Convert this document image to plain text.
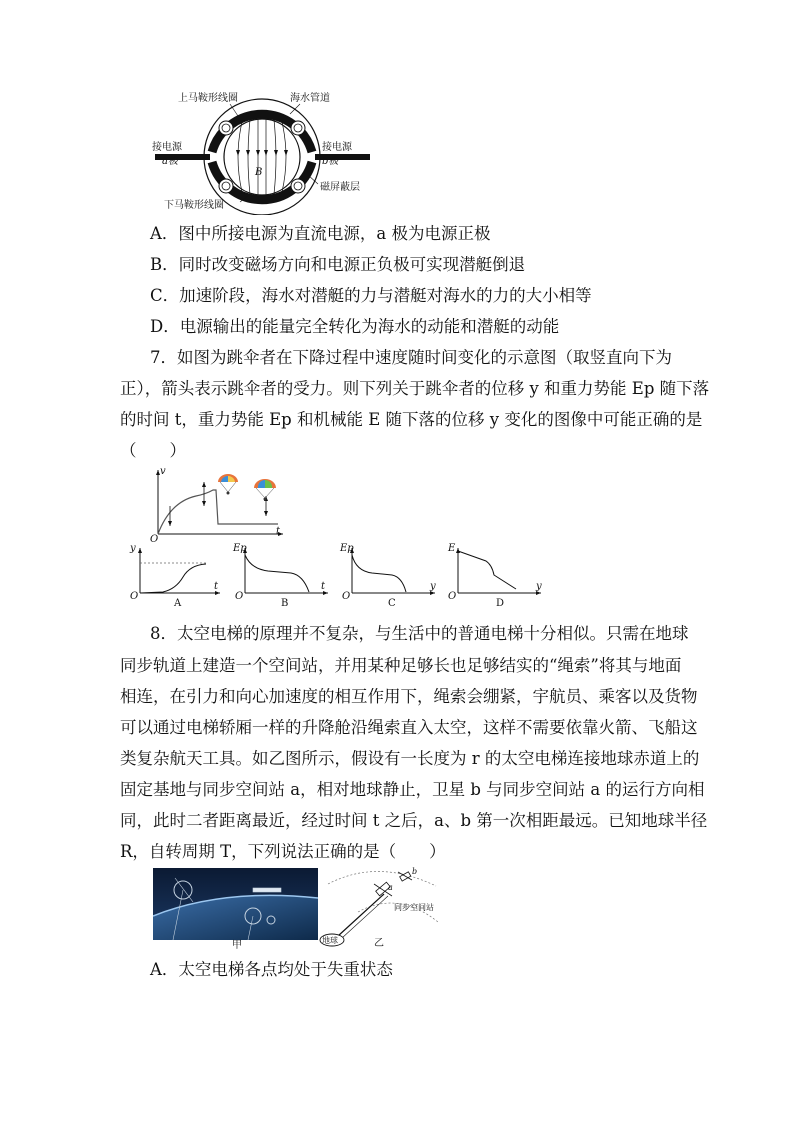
上马鞍形线圈	海水管道
接电源
a极
接电源
b极
B
磁屏蔽层
下马鞍形线圈
A．图中所接电源为直流电源，a 极为电源正极
B．同时改变磁场方向和电源正负极可实现潜艇倒退
C．加速阶段，海水对潜艇的力与潜艇对海水的力的大小相等
D．电源输出的能量完全转化为海水的动能和潜艇的动能
7．如图为跳伞者在下降过程中速度随时间变化的示意图（取竖直向下为
正），箭头表示跳伞者的受力。则下列关于跳伞者的位移 y 和重力势能 Ep 随下落
的时间 t，重力势能 Ep 和机械能 E 随下落的位移 y 变化的图像中可能正确的是
（　　）
v
t
O
y
t
O
A
Ep
t
O
B
Ep
y
O
C
E
y
O
D
8．太空电梯的原理并不复杂，与生活中的普通电梯十分相似。只需在地球
同步轨道上建造一个空间站，并用某种足够长也足够结实的“绳索”将其与地面
相连，在引力和向心加速度的相互作用下，绳索会绷紧，宇航员、乘客以及货物
可以通过电梯轿厢一样的升降舱沿绳索直入太空，这样不需要依靠火箭、飞船这
类复杂航天工具。如乙图所示，假设有一长度为 r 的太空电梯连接地球赤道上的
固定基地与同步空间站 a，相对地球静止，卫星 b 与同步空间站 a 的运行方向相
同，此时二者距离最近，经过时间 t 之后，a、b 第一次相距最远。已知地球半径
R，自转周期 T，下列说法正确的是（　　）
甲	地球
同步空间站
a
b
乙
A．太空电梯各点均处于失重状态
